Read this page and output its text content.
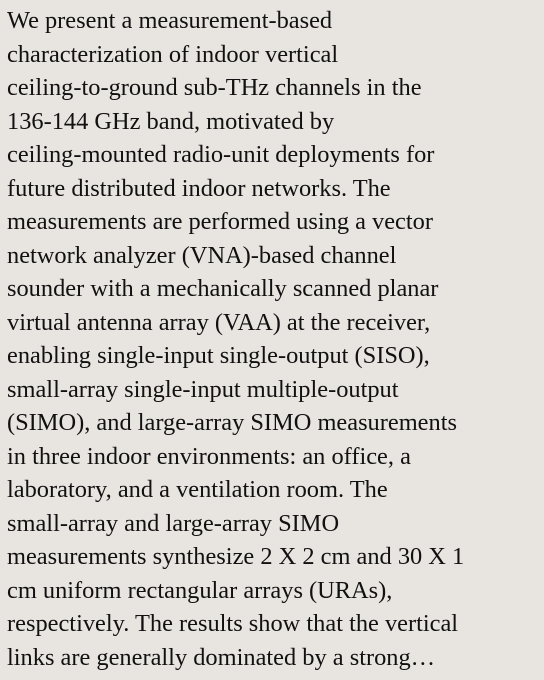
We present a measurement-based
characterization of indoor vertical
ceiling-to-ground sub-THz channels in the
136-144 GHz band, motivated by
ceiling-mounted radio-unit deployments for
future distributed indoor networks. The
measurements are performed using a vector
network analyzer (VNA)-based channel
sounder with a mechanically scanned planar
virtual antenna array (VAA) at the receiver,
enabling single-input single-output (SISO),
small-array single-input multiple-output
(SIMO), and large-array SIMO measurements
in three indoor environments: an office, a
laboratory, and a ventilation room. The
small-array and large-array SIMO
measurements synthesize 2 X 2 cm and 30 X 1
cm uniform rectangular arrays (URAs),
respectively. The results show that the vertical
links are generally dominated by a strong…
